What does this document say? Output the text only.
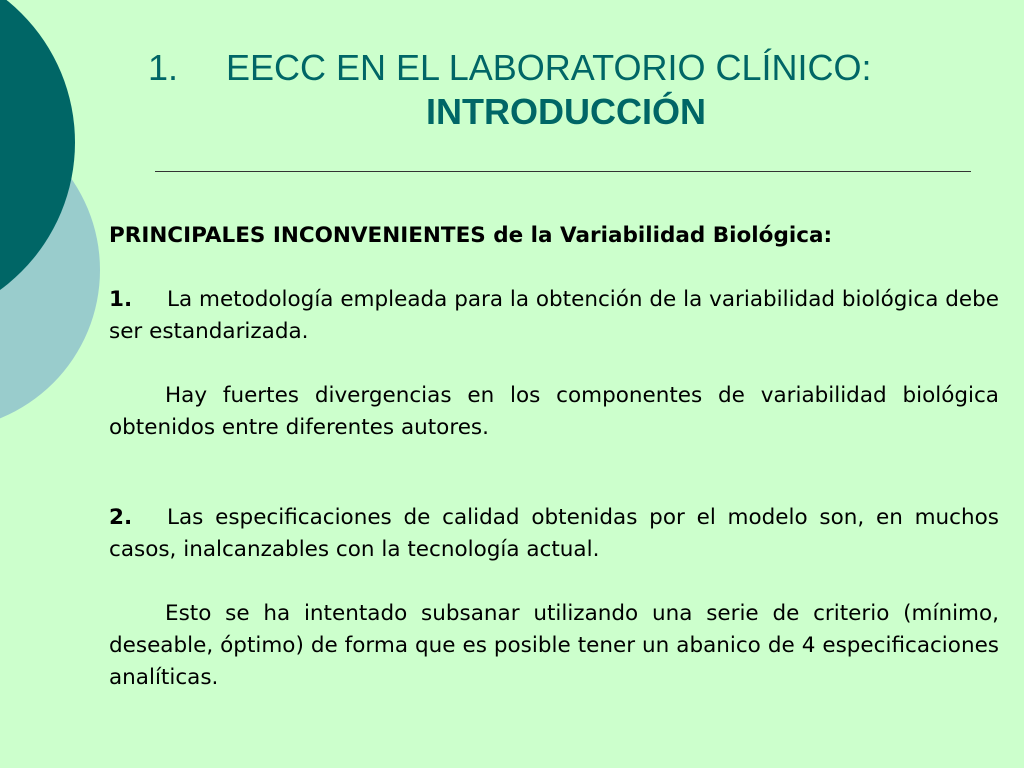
1. EECC EN EL LABORATORIO CLÍNICO:
INTRODUCCIÓN

PRINCIPALES INCONVENIENTES de la Variabilidad Biológica:

1. La metodología empleada para la obtención de la variabilidad biológica debe ser estandarizada.

Hay fuertes divergencias en los componentes de variabilidad biológica obtenidos entre diferentes autores.

2. Las especificaciones de calidad obtenidas por el modelo son, en muchos casos, inalcanzables con la tecnología actual.

Esto se ha intentado subsanar utilizando una serie de criterio (mínimo, deseable, óptimo) de forma que es posible tener un abanico de 4 especificaciones analíticas.
